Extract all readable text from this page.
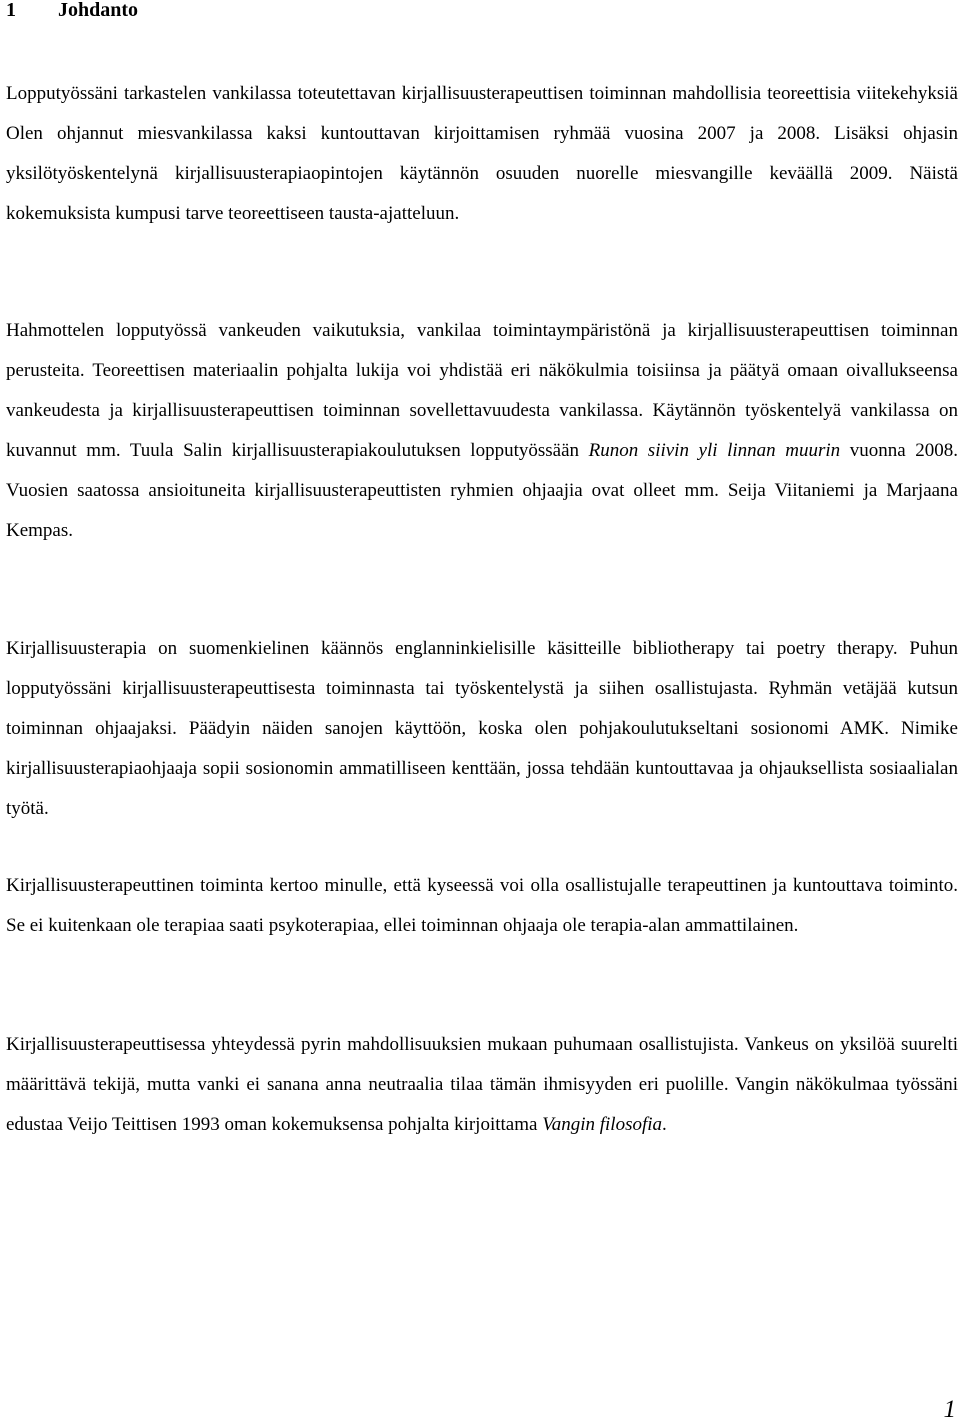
1 Johdanto

Lopputyössäni tarkastelen vankilassa toteutettavan kirjallisuusterapeuttisen toiminnan mahdollisia teoreettisia viitekehyksiä Olen ohjannut miesvankilassa kaksi kuntouttavan kirjoittamisen ryhmää vuosina 2007 ja 2008. Lisäksi ohjasin yksilötyöskentelynä kirjallisuusterapiaopintojen käytännön osuuden nuorelle miesvangille keväällä 2009. Näistä kokemuksista kumpusi tarve teoreettiseen tausta-ajatteluun.

Hahmottelen lopputyössä vankeuden vaikutuksia, vankilaa toimintaympäristönä ja kirjallisuusterapeuttisen toiminnan perusteita. Teoreettisen materiaalin pohjalta lukija voi yhdistää eri näkökulmia toisiinsa ja päätyä omaan oivallukseensa vankeudesta ja kirjallisuusterapeuttisen toiminnan sovellettavuudesta vankilassa. Käytännön työskentelyä vankilassa on kuvannut mm. Tuula Salin kirjallisuusterapiakoulutuksen lopputyössään Runon siivin yli linnan muurin vuonna 2008. Vuosien saatossa ansioituneita kirjallisuusterapeuttisten ryhmien ohjaajia ovat olleet mm. Seija Viitaniemi ja Marjaana Kempas.

Kirjallisuusterapia on suomenkielinen käännös englanninkielisille käsitteille bibliotherapy tai poetry therapy. Puhun lopputyössäni kirjallisuusterapeuttisesta toiminnasta tai työskentelystä ja siihen osallistujasta. Ryhmän vetäjää kutsun toiminnan ohjaajaksi. Päädyin näiden sanojen käyttöön, koska olen pohjakoulutukseltani sosionomi AMK. Nimike kirjallisuusterapiaohjaaja sopii sosionomin ammatilliseen kenttään, jossa tehdään kuntouttavaa ja ohjauksellista sosiaalialan työtä.

Kirjallisuusterapeuttinen toiminta kertoo minulle, että kyseessä voi olla osallistujalle terapeuttinen ja kuntouttava toiminto. Se ei kuitenkaan ole terapiaa saati psykoterapiaa, ellei toiminnan ohjaaja ole terapia-alan ammattilainen.

Kirjallisuusterapeuttisessa yhteydessä pyrin mahdollisuuksien mukaan puhumaan osallistujista. Vankeus on yksilöä suurelti määrittävä tekijä, mutta vanki ei sanana anna neutraalia tilaa tämän ihmisyyden eri puolille. Vangin näkökulmaa työssäni edustaa Veijo Teittisen 1993 oman kokemuksensa pohjalta kirjoittama Vangin filosofia.

1
